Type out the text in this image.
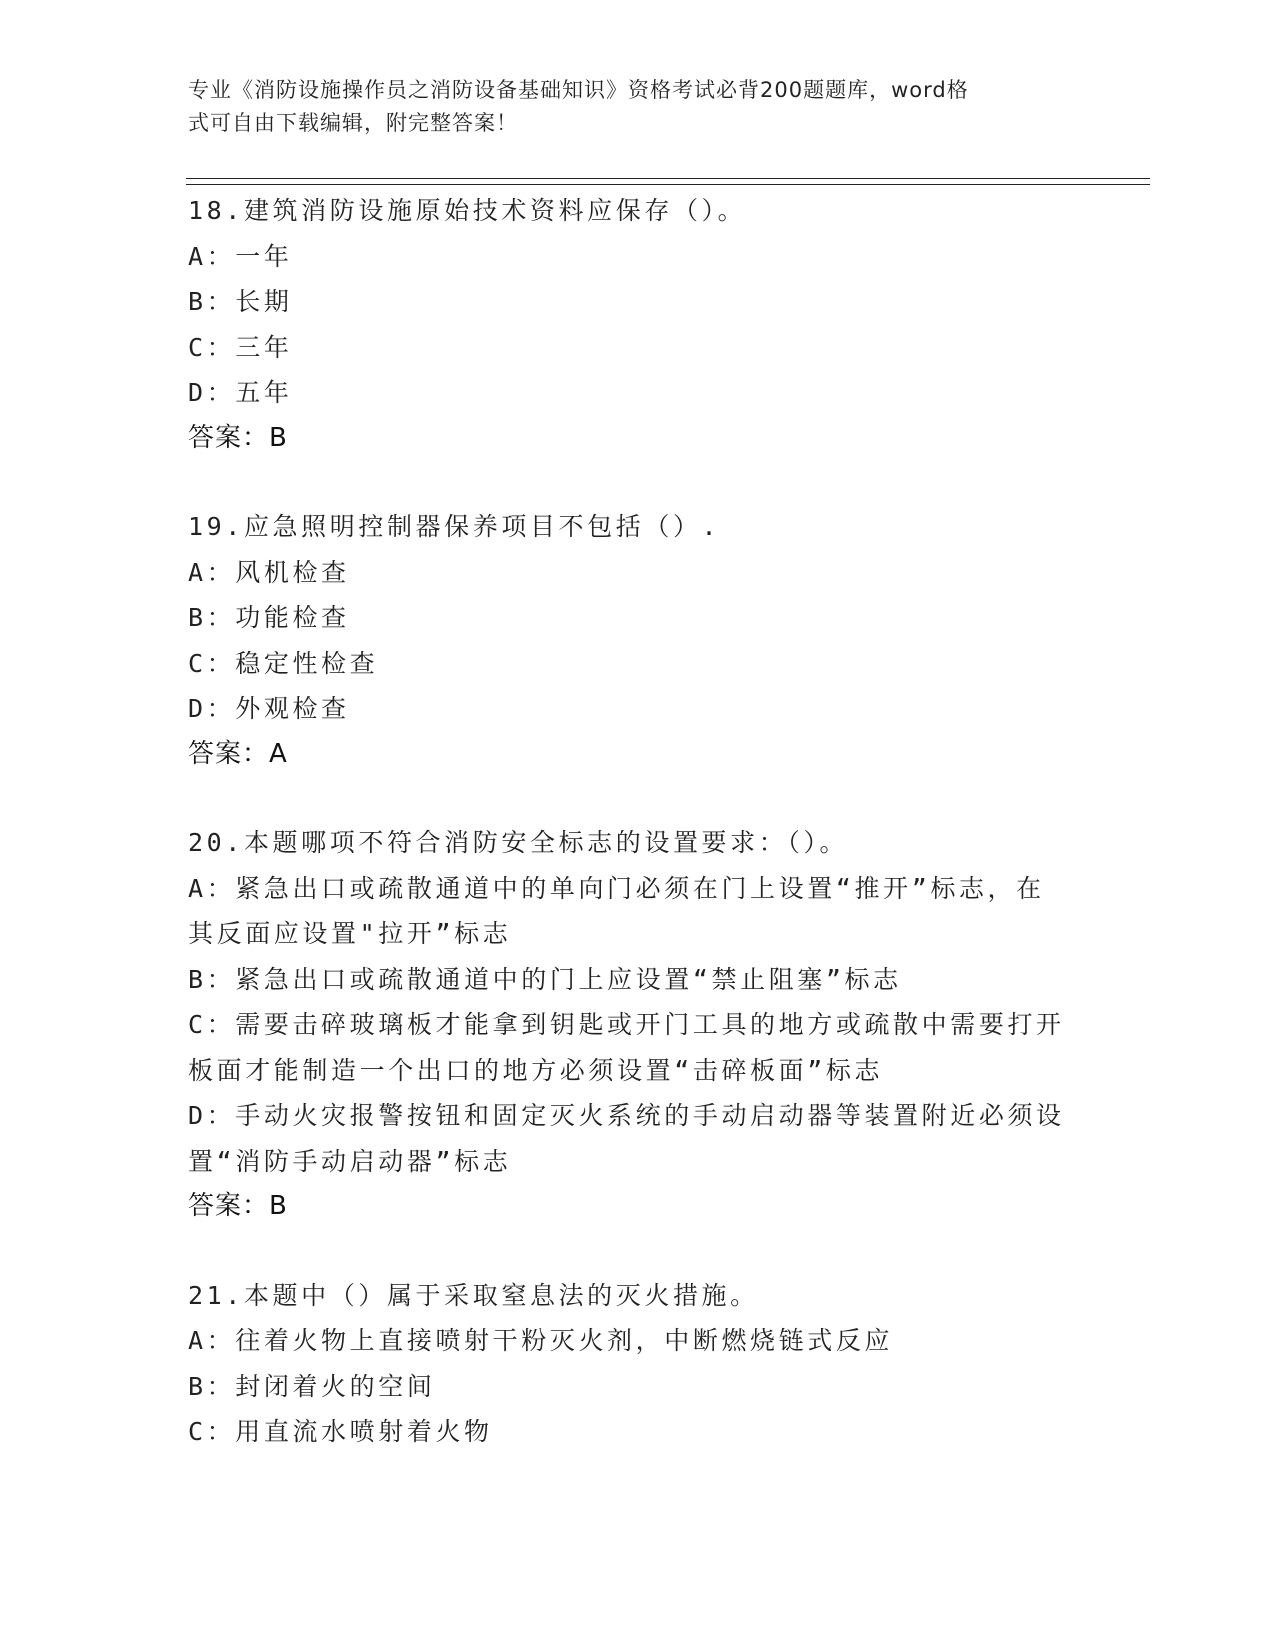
专业《消防设施操作员之消防设备基础知识》资格考试必背200题题库，word格
式可自由下载编辑，附完整答案！
18.建筑消防设施原始技术资料应保存（）。
A：一年
B：长期
C：三年
D：五年
答案：B
19.应急照明控制器保养项目不包括（）.
A：风机检查
B：功能检查
C：稳定性检查
D：外观检查
答案：A
20.本题哪项不符合消防安全标志的设置要求：（）。
A：紧急出口或疏散通道中的单向门必须在门上设置“推开”标志，在
其反面应设置"拉开”标志
B：紧急出口或疏散通道中的门上应设置“禁止阻塞”标志
C：需要击碎玻璃板才能拿到钥匙或开门工具的地方或疏散中需要打开
板面才能制造一个出口的地方必须设置“击碎板面”标志
D：手动火灾报警按钮和固定灭火系统的手动启动器等装置附近必须设
置“消防手动启动器”标志
答案：B
21.本题中（）属于采取窒息法的灭火措施。
A：往着火物上直接喷射干粉灭火剂，中断燃烧链式反应
B：封闭着火的空间
C：用直流水喷射着火物
